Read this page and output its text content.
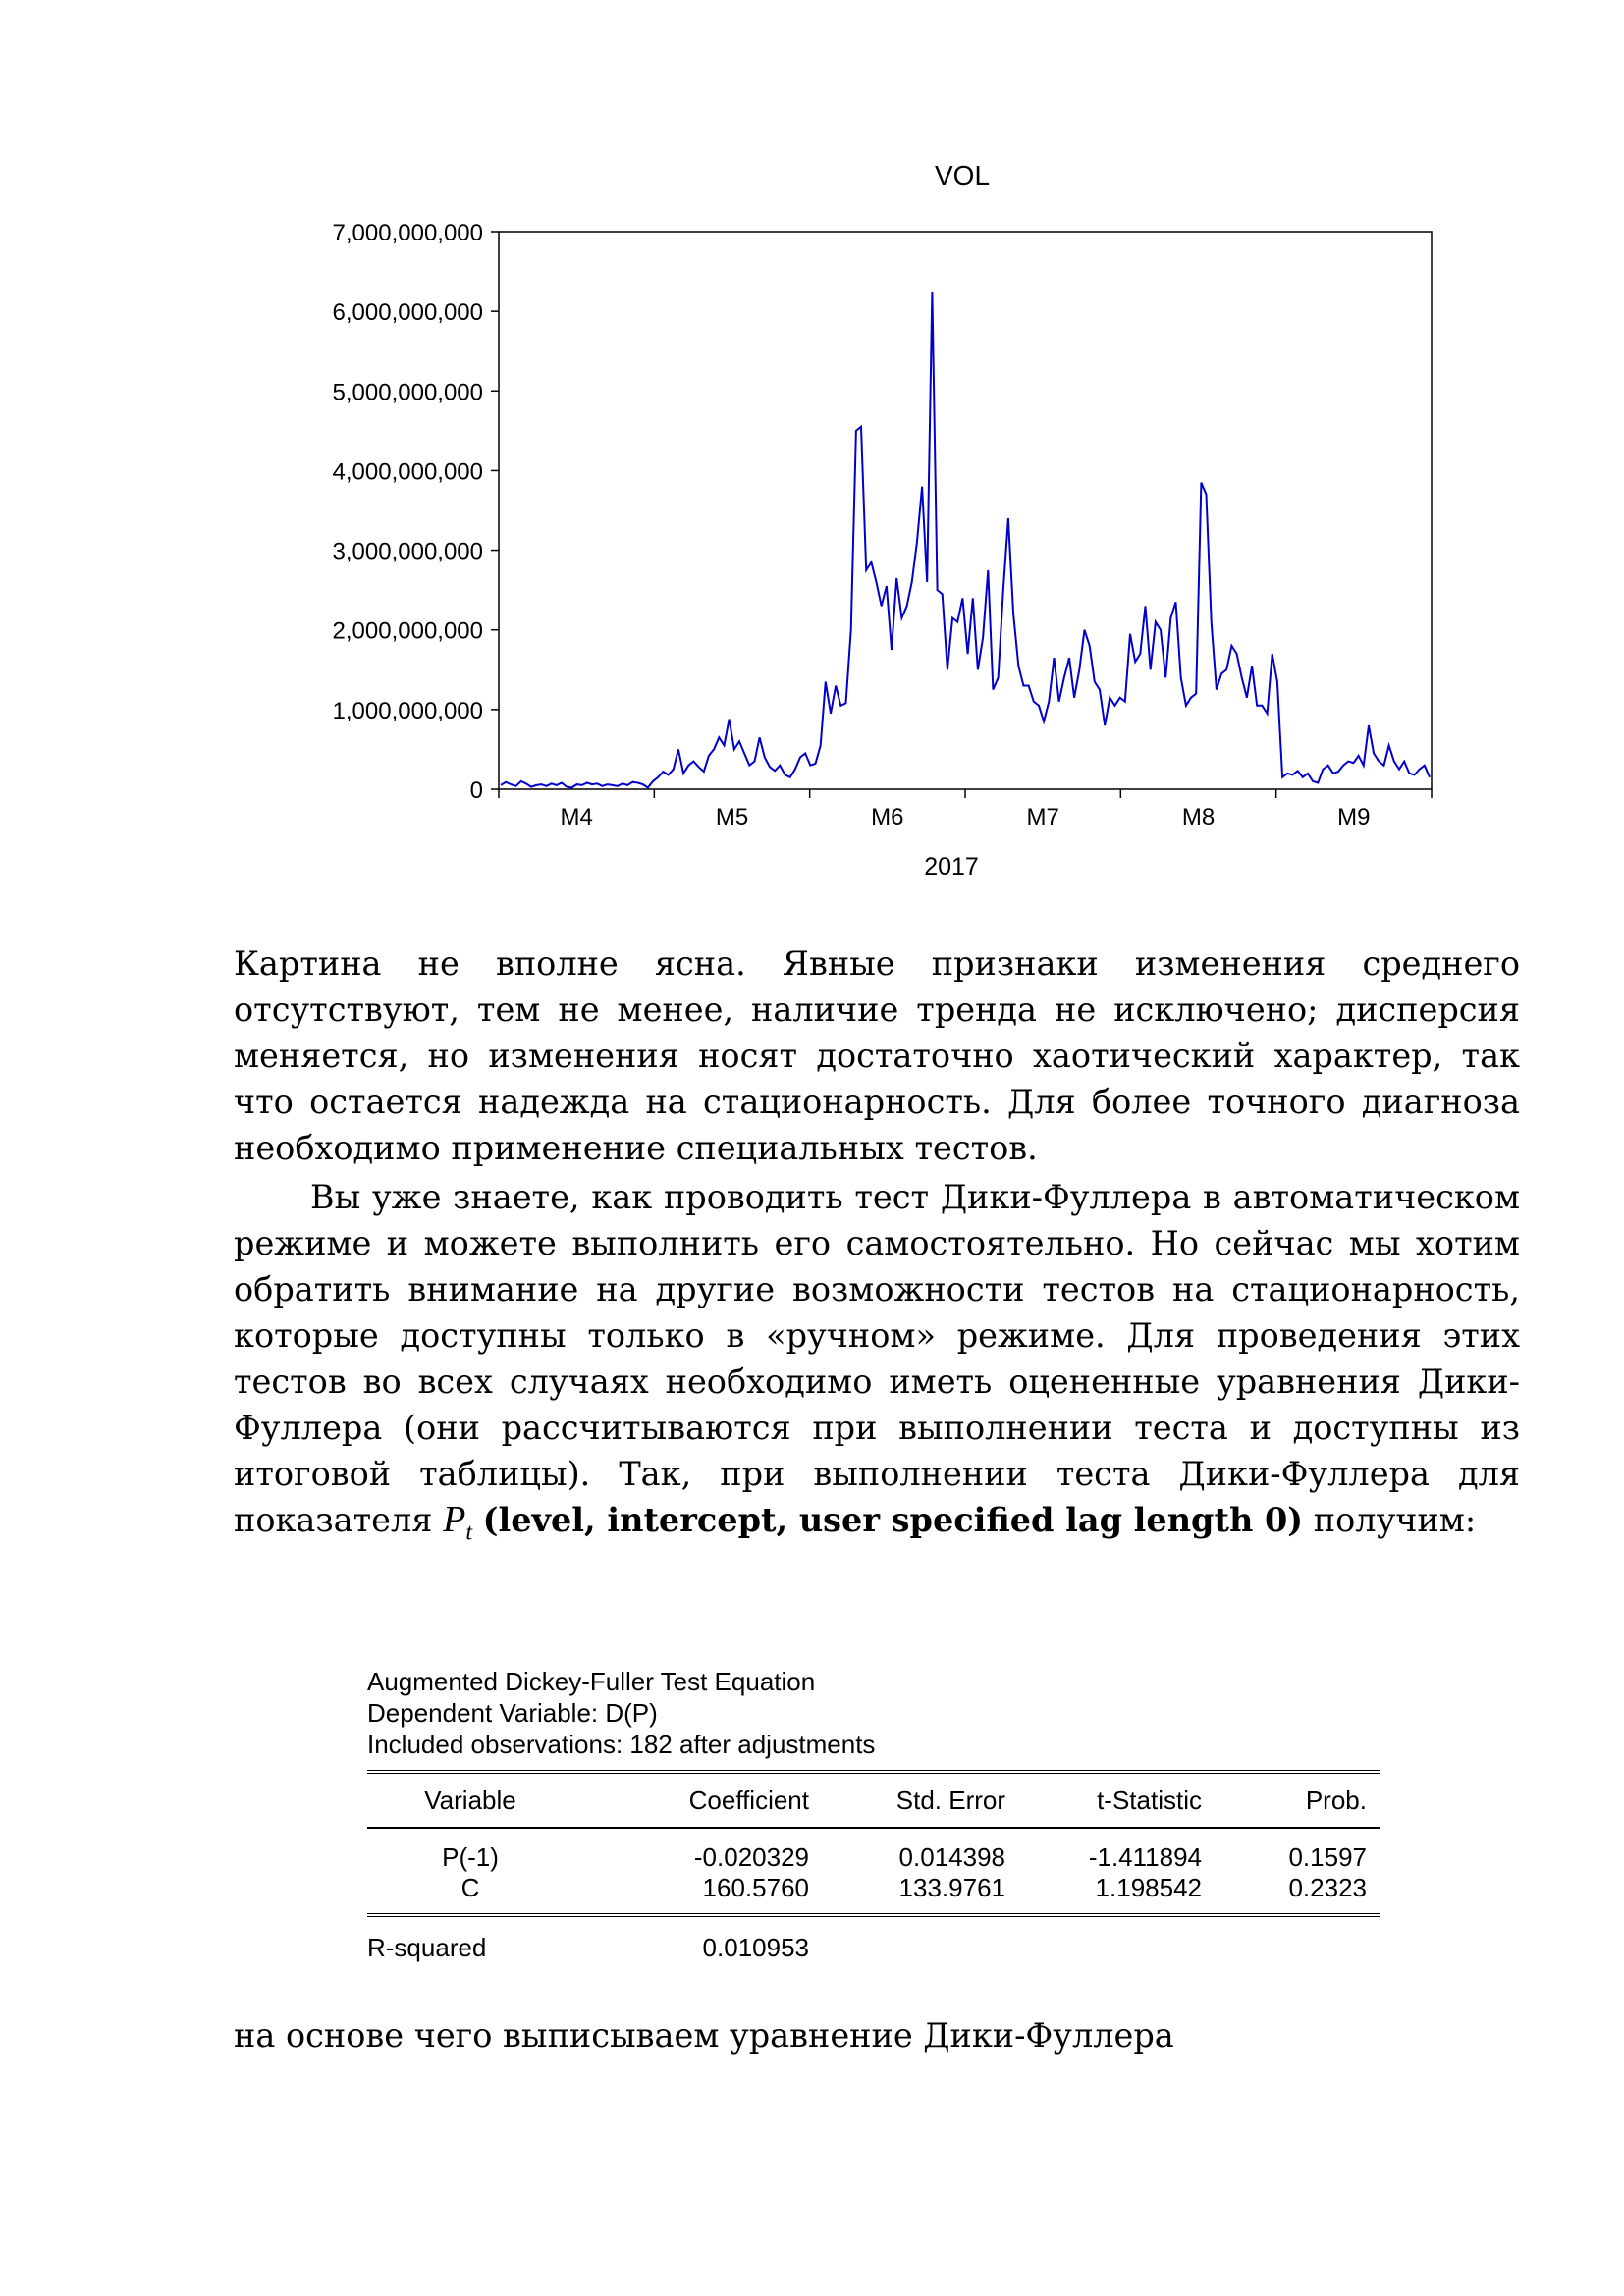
VOL
0
1,000,000,000
2,000,000,000
3,000,000,000
4,000,000,000
5,000,000,000
6,000,000,000
7,000,000,000
M4	M5	M6	M7	M8	M9
2017

Картина не вполне ясна. Явные признаки изменения среднего отсутствуют, тем не менее, наличие тренда не исключено; дисперсия меняется, но изменения носят достаточно хаотический характер, так что остается надежда на стационарность. Для более точного диагноза необходимо применение специальных тестов.

Вы уже знаете, как проводить тест Дики-Фуллера в автоматическом режиме и можете выполнить его самостоятельно. Но сейчас мы хотим обратить внимание на другие возможности тестов на стационарность, которые доступны только в «ручном» режиме. Для проведения этих тестов во всех случаях необходимо иметь оцененные уравнения Дики-Фуллера (они рассчитываются при выполнении теста и доступны из итоговой таблицы). Так, при выполнении теста Дики-Фуллера для показателя $P_t$ (level, intercept, user specified lag length 0) получим:

Augmented Dickey-Fuller Test Equation
Dependent Variable: D(P)
Included observations: 182 after adjustments
Variable	Coefficient	Std. Error	t-Statistic	Prob.
P(-1)	-0.020329	0.014398	-1.411894	0.1597
C	160.5760	133.9761	1.198542	0.2323
R-squared	0.010953			
на основе чего выписываем уравнение Дики-Фуллера
